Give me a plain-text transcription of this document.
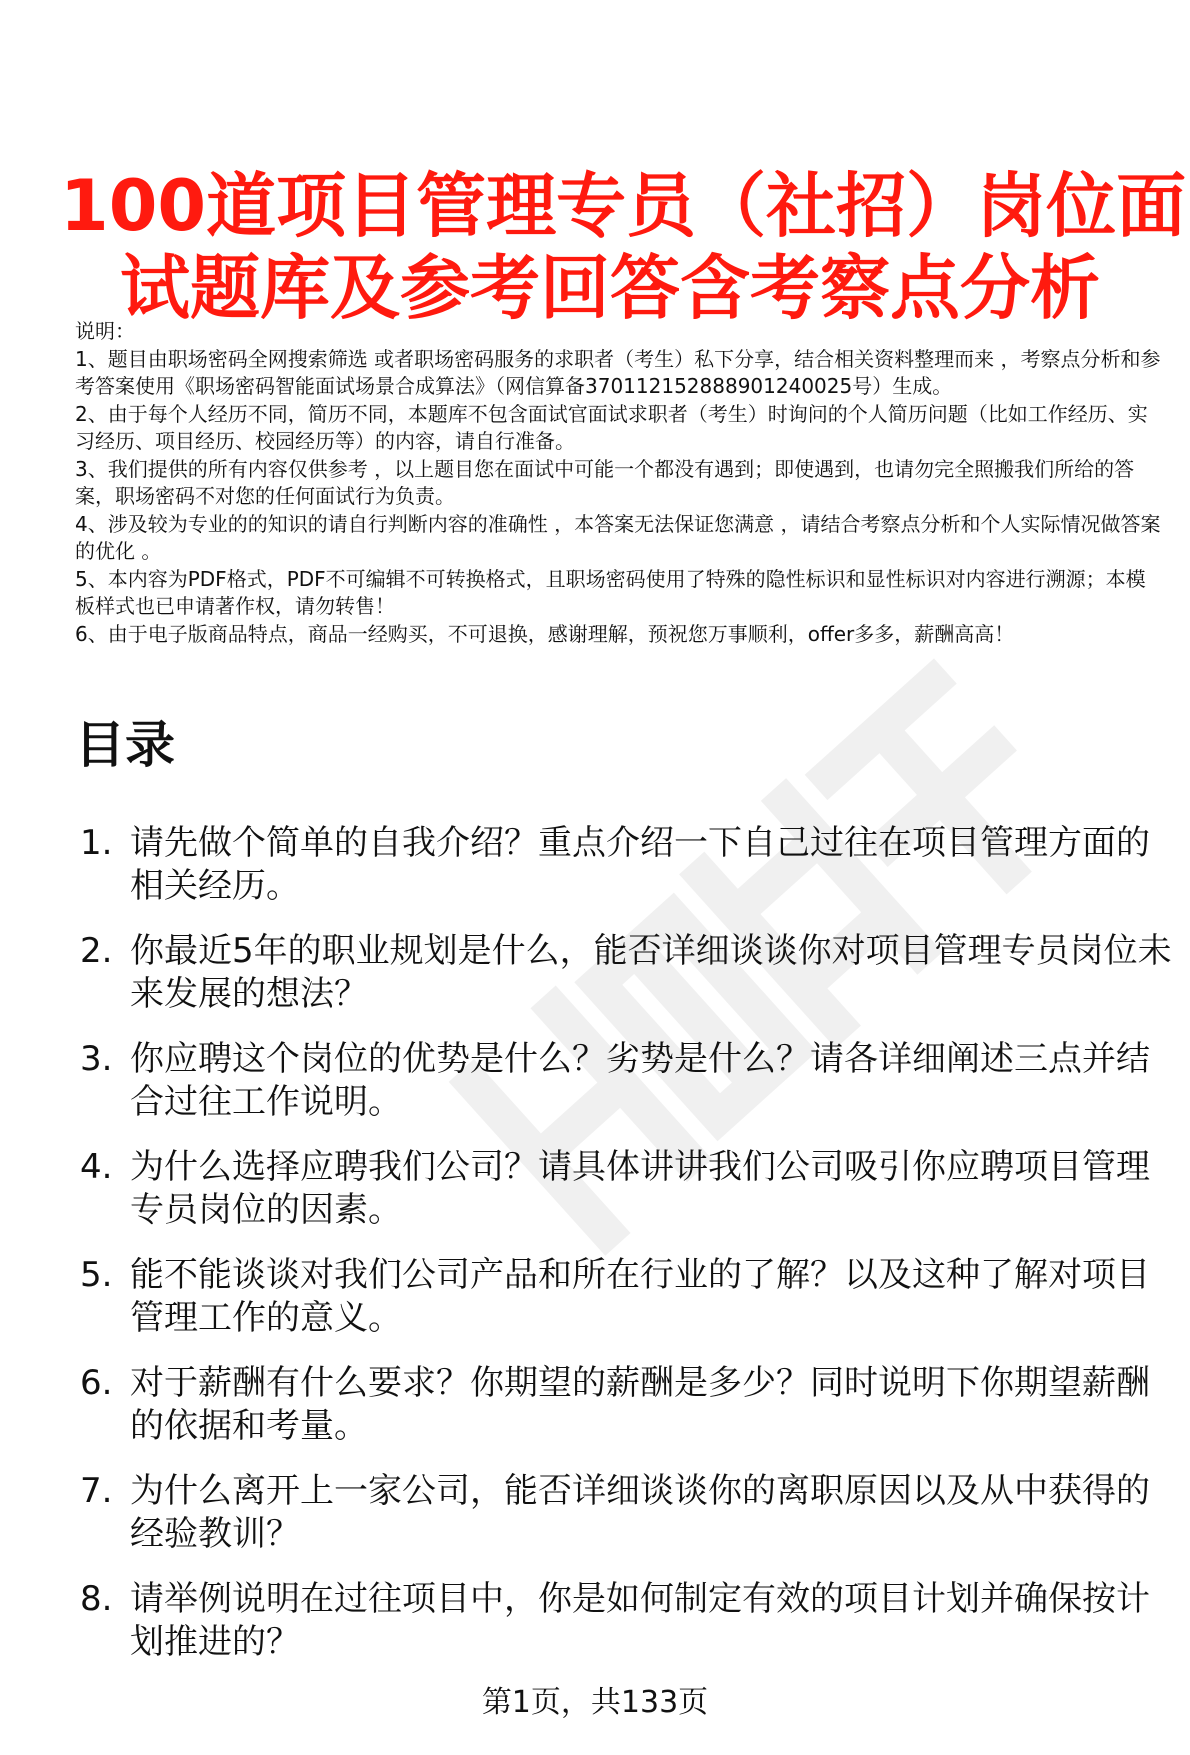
100道项目管理专员（社招）岗位面
试题库及参考回答含考察点分析
说明：
1、题目由职场密码全网搜索筛选 或者职场密码服务的求职者（考生）私下分享，结合相关资料整理而来 ，考察点分析和参考答案使用《职场密码智能面试场景合成算法》（网信算备370112152888901240025号）生成。
2、由于每个人经历不同，简历不同，本题库不包含面试官面试求职者（考生）时询问的个人简历问题（比如工作经历、实习经历、项目经历、校园经历等）的内容，请自行准备。
3、我们提供的所有内容仅供参考 ，以上题目您在面试中可能一个都没有遇到；即使遇到，也请勿完全照搬我们所给的答案，职场密码不对您的任何面试行为负责。
4、涉及较为专业的的知识的请自行判断内容的准确性 ，本答案无法保证您满意 ，请结合考察点分析和个人实际情况做答案的优化 。
5、本内容为PDF格式，PDF不可编辑不可转换格式，且职场密码使用了特殊的隐性标识和显性标识对内容进行溯源；本模板样式也已申请著作权，请勿转售！
6、由于电子版商品特点，商品一经购买，不可退换，感谢理解，预祝您万事顺利，offer多多，薪酬高高！
目录
1. 请先做个简单的自我介绍？重点介绍一下自己过往在项目管理方面的相关经历。
2. 你最近5年的职业规划是什么，能否详细谈谈你对项目管理专员岗位未来发展的想法？
3. 你应聘这个岗位的优势是什么？劣势是什么？请各详细阐述三点并结合过往工作说明。
4. 为什么选择应聘我们公司？请具体讲讲我们公司吸引你应聘项目管理专员岗位的因素。
5. 能不能谈谈对我们公司产品和所在行业的了解？以及这种了解对项目管理工作的意义。
6. 对于薪酬有什么要求？你期望的薪酬是多少？同时说明下你期望薪酬的依据和考量。
7. 为什么离开上一家公司，能否详细谈谈你的离职原因以及从中获得的经验教训？
8. 请举例说明在过往项目中，你是如何制定有效的项目计划并确保按计划推进的？
第1页，共133页
